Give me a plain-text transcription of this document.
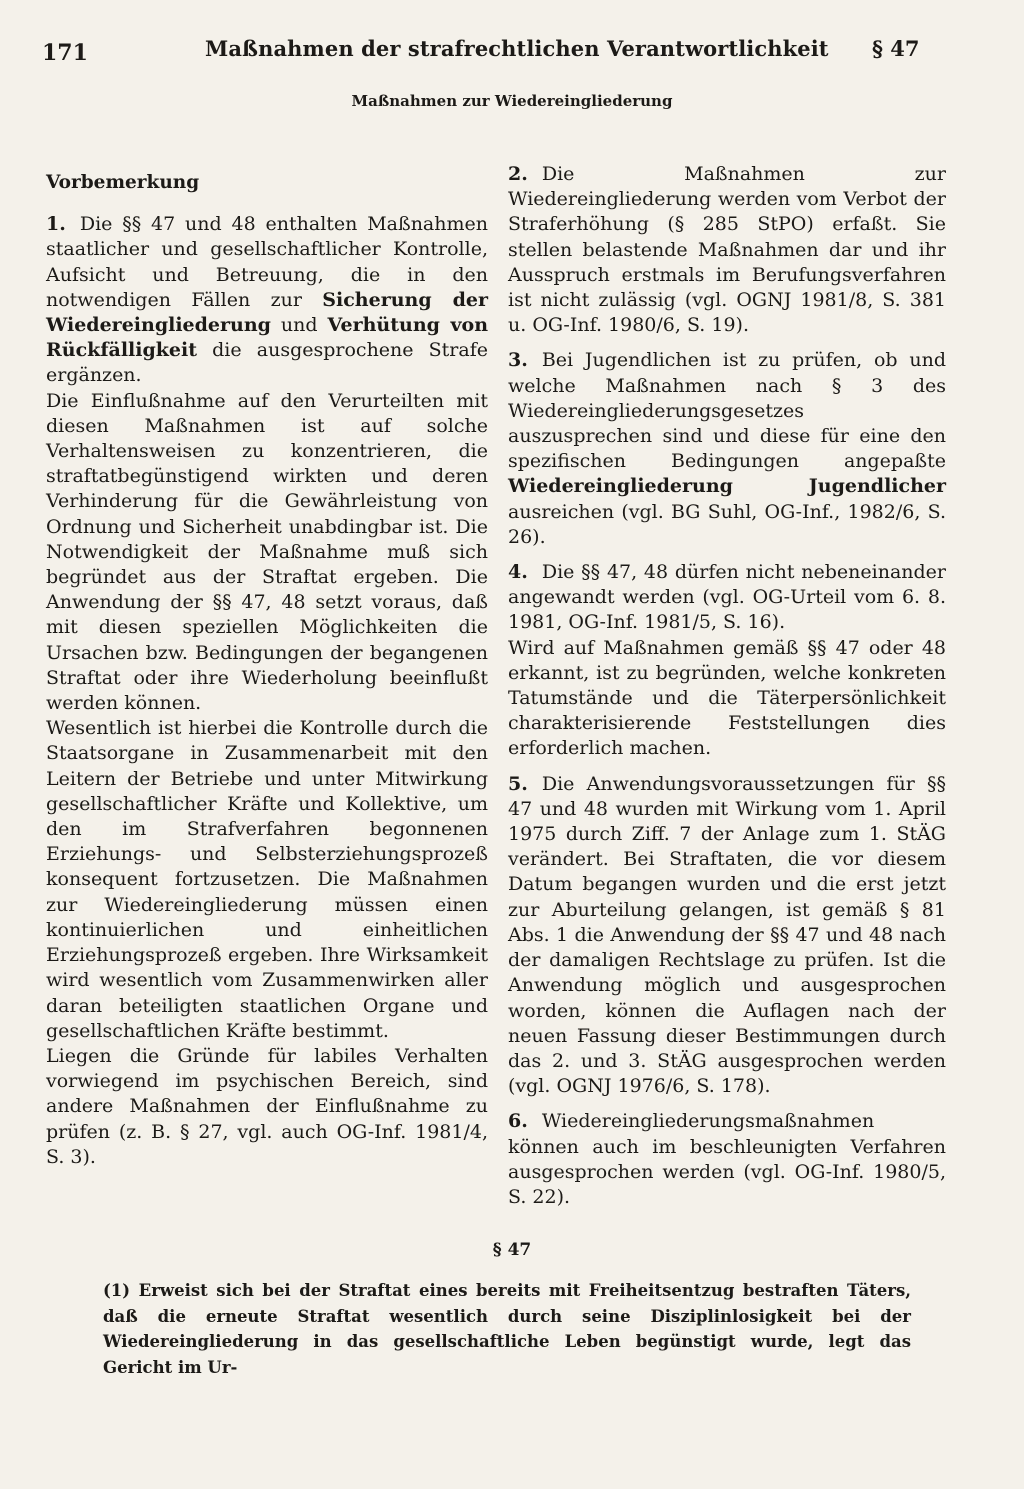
171	Maßnahmen der strafrechtlichen Verantwortlichkeit § 47
Maßnahmen zur Wiedereingliederung
Vorbemerkung

1. Die §§ 47 und 48 enthalten Maßnahmen staatlicher und gesellschaftlicher Kontrolle, Aufsicht und Betreuung, die in den notwendigen Fällen zur Sicherung der Wiedereingliederung und Verhütung von Rückfälligkeit die ausgesprochene Strafe ergänzen.

Die Einflußnahme auf den Verurteilten mit diesen Maßnahmen ist auf solche Verhaltensweisen zu konzentrieren, die straftatbegünstigend wirkten und deren Verhinderung für die Gewährleistung von Ordnung und Sicherheit unabdingbar ist. Die Notwendigkeit der Maßnahme muß sich begründet aus der Straftat ergeben. Die Anwendung der §§ 47, 48 setzt voraus, daß mit diesen speziellen Möglichkeiten die Ursachen bzw. Bedingungen der begangenen Straftat oder ihre Wiederholung beeinflußt werden können.

Wesentlich ist hierbei die Kontrolle durch die Staatsorgane in Zusammenarbeit mit den Leitern der Betriebe und unter Mitwirkung gesellschaftlicher Kräfte und Kollektive, um den im Strafverfahren begonnenen Erziehungs- und Selbsterziehungsprozeß konsequent fortzusetzen. Die Maßnahmen zur Wiedereingliederung müssen einen kontinuierlichen und einheitlichen Erziehungsprozeß ergeben. Ihre Wirksamkeit wird wesentlich vom Zusammenwirken aller daran beteiligten staatlichen Organe und gesellschaftlichen Kräfte bestimmt.

Liegen die Gründe für labiles Verhalten vorwiegend im psychischen Bereich, sind andere Maßnahmen der Einflußnahme zu prüfen (z. B. § 27, vgl. auch OG-Inf. 1981/4, S. 3).

2. Die Maßnahmen zur Wiedereingliederung werden vom Verbot der Straferhöhung (§ 285 StPO) erfaßt. Sie stellen belastende Maßnahmen dar und ihr Ausspruch erstmals im Berufungsverfahren ist nicht zulässig (vgl. OGNJ 1981/8, S. 381 u. OG-Inf. 1980/6, S. 19).

3. Bei Jugendlichen ist zu prüfen, ob und welche Maßnahmen nach § 3 des Wiedereingliederungsgesetzes auszusprechen sind und diese für eine den spezifischen Bedingungen angepaßte Wiedereingliederung Jugendlicher ausreichen (vgl. BG Suhl, OG-Inf., 1982/6, S. 26).

4. Die §§ 47, 48 dürfen nicht nebeneinander angewandt werden (vgl. OG-Urteil vom 6. 8. 1981, OG-Inf. 1981/5, S. 16).

Wird auf Maßnahmen gemäß §§ 47 oder 48 erkannt, ist zu begründen, welche konkreten Tatumstände und die Täterpersönlichkeit charakterisierende Feststellungen dies erforderlich machen.

5. Die Anwendungsvoraussetzungen für §§ 47 und 48 wurden mit Wirkung vom 1. April 1975 durch Ziff. 7 der Anlage zum 1. StÄG verändert. Bei Straftaten, die vor diesem Datum begangen wurden und die erst jetzt zur Aburteilung gelangen, ist gemäß § 81 Abs. 1 die Anwendung der §§ 47 und 48 nach der damaligen Rechtslage zu prüfen. Ist die Anwendung möglich und ausgesprochen worden, können die Auflagen nach der neuen Fassung dieser Bestimmungen durch das 2. und 3. StÄG ausgesprochen werden (vgl. OGNJ 1976/6, S. 178).

6. Wiedereingliederungsmaßnahmen können auch im beschleunigten Verfahren ausgesprochen werden (vgl. OG-Inf. 1980/5, S. 22).

§ 47
(1) Erweist sich bei der Straftat eines bereits mit Freiheitsentzug bestraften Täters, daß die erneute Straftat wesentlich durch seine Disziplinlosigkeit bei der Wiedereingliederung in das gesellschaftliche Leben begünstigt wurde, legt das Gericht im Ur-
